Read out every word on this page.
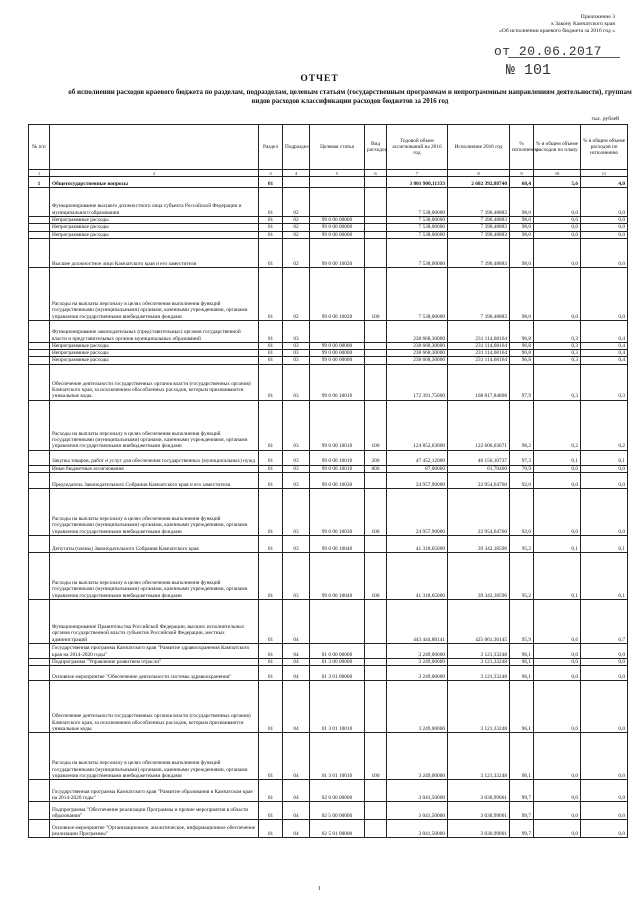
Приложение 3
к Закону Камчатского края
«Об исполнении краевого бюджета за 2016 год »
от 20.06.2017
№ 101
ОТЧЕТ
об исполнении расходов краевого бюджета по разделам, подразделам, целевым статьям (государственным программам и непрограммным направлениям деятельности), группам видов расходов классификации расходов бюджетов за 2016 год
тыс. рублей
№ п/п		Раздел	Подраздел	Целевая статья	Вид расходов	Годовой объем ассигнований на 2016 год	Исполнение 2016 год	% исполнения	% в общем объеме расходов по плану	% в общем объеме расходов по исполнению
1	2	3	4	5	6	7	8	9	10	11
1	Общегосударственные вопросы	01				3 801 900,11333	2 602 392,88740	68,4	5,6	4,0
	Функционирование высшего должностного лица субъекта Российской Федерации и муниципального образования	01	02			7 538,00000	7 390,48883	98,0	0,0	0,0
	Непрограммные расходы	01	02	99 0 00 00000		7 538,00000	7 390,48883	98,0	0,0	0,0
	Непрограммные расходы	01	02	99 0 00 00000		7 538,00000	7 390,48883	98,0	0,0	0,0
	Непрограммные расходы	01	02	99 0 00 00000		7 538,00000	7 390,48883	98,0	0,0	0,0
	Высшее должностное лицо Камчатского края и его заместители	01	02	99 0 00 10020		7 538,00000	7 390,48883	98,0	0,0	0,0
	Расходы на выплаты персоналу в целях обеспечения выполнения функций государственными (муниципальными) органами, казенными учреждениями, органами управления государственными внебюджетными фондами	01	02	99 0 00 10020	100	7 538,00000	7 390,48883	98,0	0,0	0,0
	Функционирование законодательных (представительных) органов государственной власти и представительных органов муниципальных образований	01	03			238 668,30000	231 114,68164	96,8	0,3	0,4
	Непрограммные расходы	01	03	99 0 00 00000		238 668,30000	231 114,68164	96,8	0,3	0,4
	Непрограммные расходы	01	03	99 0 00 00000		238 668,30000	231 114,68164	96,8	0,3	0,4
	Непрограммные расходы	01	03	99 0 00 00000		238 668,30000	231 114,68164	96,8	0,3	0,4
	Обеспечение деятельности государственных органов власти (государственных органов) Камчатского края, за исключением обособленных расходов, которым присваиваются уникальные коды.	01	03	99 0 00 10010		172 391,75000	168 817,84808	97,9	0,3	0,3
	Расходы на выплаты персоналу в целях обеспечения выполнения функций государственными (муниципальными) органами, казенными учреждениями, органами управления государственными внебюджетными фондами	01	03	99 0 00 10010	100	124 852,63000	122 600,03671	98,2	0,2	0,2
	Закупка товаров, работ и услуг для обеспечения государственных (муниципальных) нужд	01	03	99 0 00 10010	200	47 452,12000	46 156,10737	97,3	0,1	0,1
	Иные бюджетные ассигнования	01	03	99 0 00 10010	800	87,00000	61,70400	70,9	0,0	0,0
	Председатель Законодательного Собрания Камчатского края и его заместители	01	03	99 0 00 10030		24 957,90000	22 954,64760	92,0	0,0	0,0
	Расходы на выплаты персоналу в целях обеспечения выполнения функций государственными (муниципальными) органами, казенными учреждениями, органами управления государственными внебюджетными фондами	01	03	99 0 00 10030	100	24 957,90000	22 954,64760	92,0	0,0	0,0
	Депутаты (члены) Законодательного Собрания Камчатского края	01	03	99 0 00 10040		41 318,65000	39 342,18596	95,2	0,1	0,1
	Расходы на выплаты персоналу в целях обеспечения выполнения функций государственными (муниципальными) органами, казенными учреждениями, органами управления государственными внебюджетными фондами	01	03	99 0 00 10040	100	41 318,65000	39 342,18596	95,2	0,1	0,1
	Функционирование Правительства Российской Федерации, высших исполнительных органов государственной власти субъектов Российской Федерации, местных администраций	01	04			443 444,88141	425 061,30145	95,9	0,6	0,7
	Государственная программа Камчатского края "Развитие здравоохранения Камчатского края на 2014-2020 годы"	01	04	01 0 00 00000		3 249,00000	3 121,33248	96,1	0,0	0,0
	Подпрограмма "Управление развитием отрасли"	01	04	01 3 00 00000		3 249,00000	3 121,33248	96,1	0,0	0,0
	Основное мероприятие "Обеспечение деятельности системы здравоохранения"	01	04	01 3 01 00000		3 249,00000	3 121,33248	96,1	0,0	0,0
	Обеспечение деятельности государственных органов власти (государственных органов) Камчатского края, за исключением обособленных расходов, которым присваиваются уникальные коды.	01	04	01 3 01 10010		3 249,00000	3 121,33248	96,1	0,0	0,0
	Расходы на выплаты персоналу в целях обеспечения выполнения функций государственными (муниципальными) органами, казенными учреждениями, органами управления государственными внебюджетными фондами	01	04	01 3 01 10010	100	3 249,00000	3 121,33248	96,1	0,0	0,0
	Государственная программа Камчатского края "Развитие образования в Камчатском крае на 2014-2020 годы"	01	04	02 0 00 00000		3 041,50000	3 030,99001	99,7	0,0	0,0
	Подпрограмма "Обеспечение реализации Программы и прочие мероприятия в области образования"	01	04	02 5 00 00000		3 041,50000	3 030,99001	99,7	0,0	0,0
	Основное мероприятие "Организационное, аналитическое, информационное обеспечение реализации Программы"	01	04	02 5 01 00000		3 041,50000	3 030,99001	99,7	0,0	0,0
1
